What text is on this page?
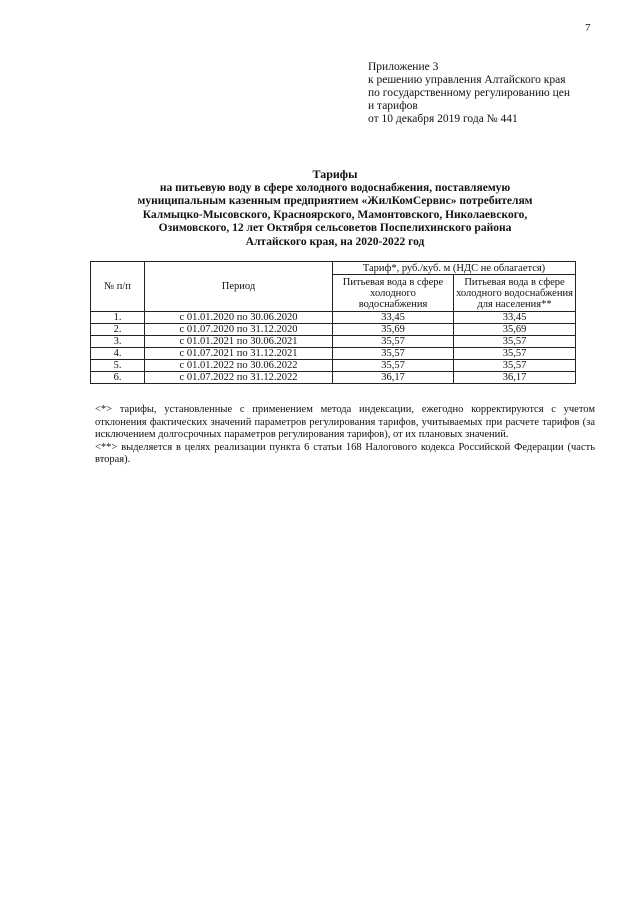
7
Приложение 3
к решению управления Алтайского края
по государственному регулированию цен
и тарифов
от 10 декабря 2019 года № 441
Тарифы
на питьевую воду в сфере холодного водоснабжения, поставляемую
муниципальным казенным предприятием «ЖилКомСервис» потребителям
Калмыцко-Мысовского, Красноярского, Мамонтовского, Николаевского,
Озимовского, 12 лет Октября сельсоветов Поспелихинского района
Алтайского края, на 2020-2022 год
№ п/п	Период	Тариф*, руб./куб. м (НДС не облагается)	
		Питьевая вода в сфере холодного водоснабжения	Питьевая вода в сфере холодного водоснабжения для населения**
1.	с 01.01.2020 по 30.06.2020	33,45	33,45
2.	с 01.07.2020 по 31.12.2020	35,69	35,69
3.	с 01.01.2021 по 30.06.2021	35,57	35,57
4.	с 01.07.2021 по 31.12.2021	35,57	35,57
5.	с 01.01.2022 по 30.06.2022	35,57	35,57
6.	с 01.07.2022 по 31.12.2022	36,17	36,17

<*> тарифы, установленные с применением метода индексации, ежегодно корректируются с учетом отклонения фактических значений параметров регулирования тарифов, учитываемых при расчете тарифов (за исключением долгосрочных параметров регулирования тарифов), от их плановых значений.

<**> выделяется в целях реализации пункта 6 статьи 168 Налогового кодекса Российской Федерации (часть вторая).
